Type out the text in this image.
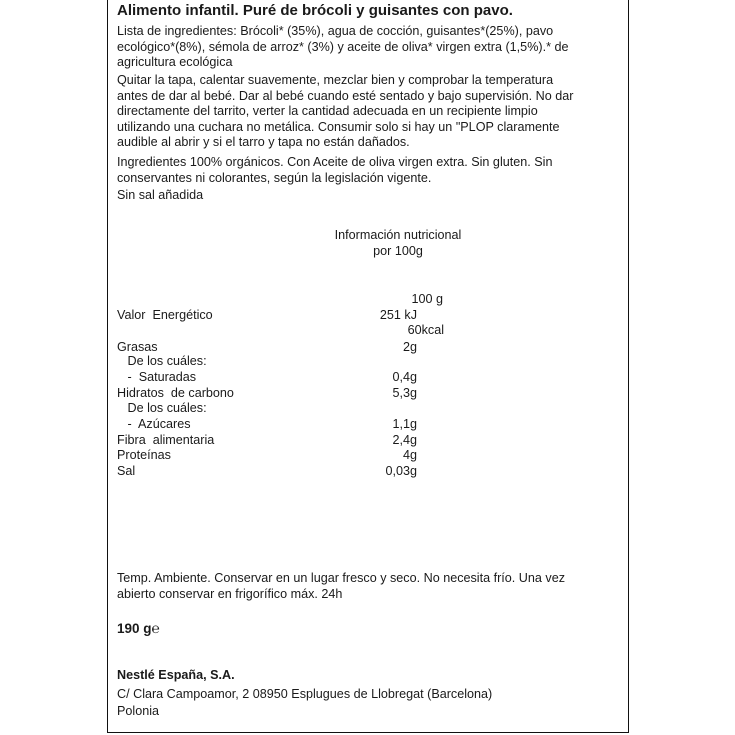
Alimento infantil. Puré de brócoli y guisantes con pavo.
Lista de ingredientes: Brócoli* (35%), agua de cocción, guisantes*(25%), pavo
ecológico*(8%), sémola de arroz* (3%) y aceite de oliva* virgen extra (1,5%).* de
agricultura ecológica
Quitar la tapa, calentar suavemente, mezclar bien y comprobar la temperatura
antes de dar al bebé. Dar al bebé cuando esté sentado y bajo supervisión. No dar
directamente del tarrito, verter la cantidad adecuada en un recipiente limpio
utilizando una cuchara no metálica. Consumir solo si hay un "PLOP claramente
audible al abrir y si el tarro y tapa no están dañados.
Ingredientes 100% orgánicos. Con Aceite de oliva virgen extra. Sin gluten. Sin
conservantes ni colorantes, según la legislación vigente.
Sin sal añadida
Información nutricional
por 100g
100 g
Valor  Energético	251 kJ
60kcal
Grasas	2g
De los cuáles:
-  Saturadas	0,4g
Hidratos  de carbono	5,3g
De los cuáles:
-  Azúcares	1,1g
Fibra  alimentaria	2,4g
Proteínas	4g
Sal	0,03g
Temp. Ambiente. Conservar en un lugar fresco y seco. No necesita frío. Una vez
abierto conservar en frigorífico máx. 24h
190 g℮
Nestlé España, S.A.
C/ Clara Campoamor, 2 08950 Esplugues de Llobregat (Barcelona)
Polonia
